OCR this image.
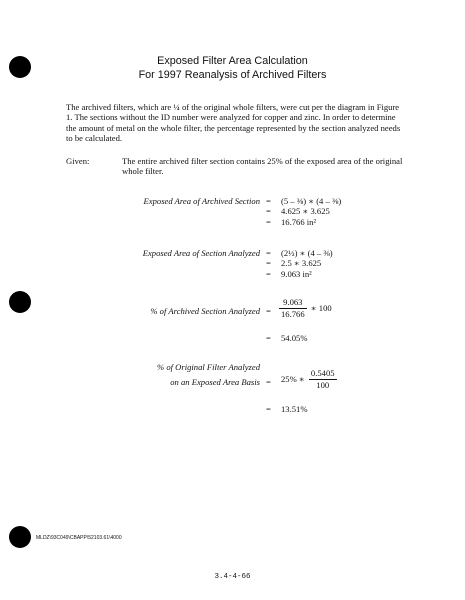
Exposed Filter Area Calculation
For 1997 Reanalysis of Archived Filters
The archived filters, which are ¼ of the original whole filters, were cut per the diagram in Figure 1. The sections without the ID number were analyzed for copper and zinc. In order to determine the amount of metal on the whole filter, the percentage represented by the section analyzed needs to be calculated.
Given:	The entire archived filter section contains 25% of the exposed area of the original whole filter.
Exposed Area of Archived Section = (5 – ⅜) ∗ (4 – ⅜)
= 4.625 ∗ 3.625
= 16.766 in²
Exposed Area of Section Analyzed = (2½) ∗ (4 – ⅜)
= 2.5 ∗ 3.625
= 9.063 in²
% of Archived Section Analyzed = $\frac{9.063}{16.766}$ ∗ 100
= 54.05%
% of Original Filter Analyzed
on an Exposed Area Basis = 25% ∗ $\frac{0.5405}{100}$
= 13.51%
MLDZ\93C049\CBAPP\52103.61\4000
3.4-4-66
